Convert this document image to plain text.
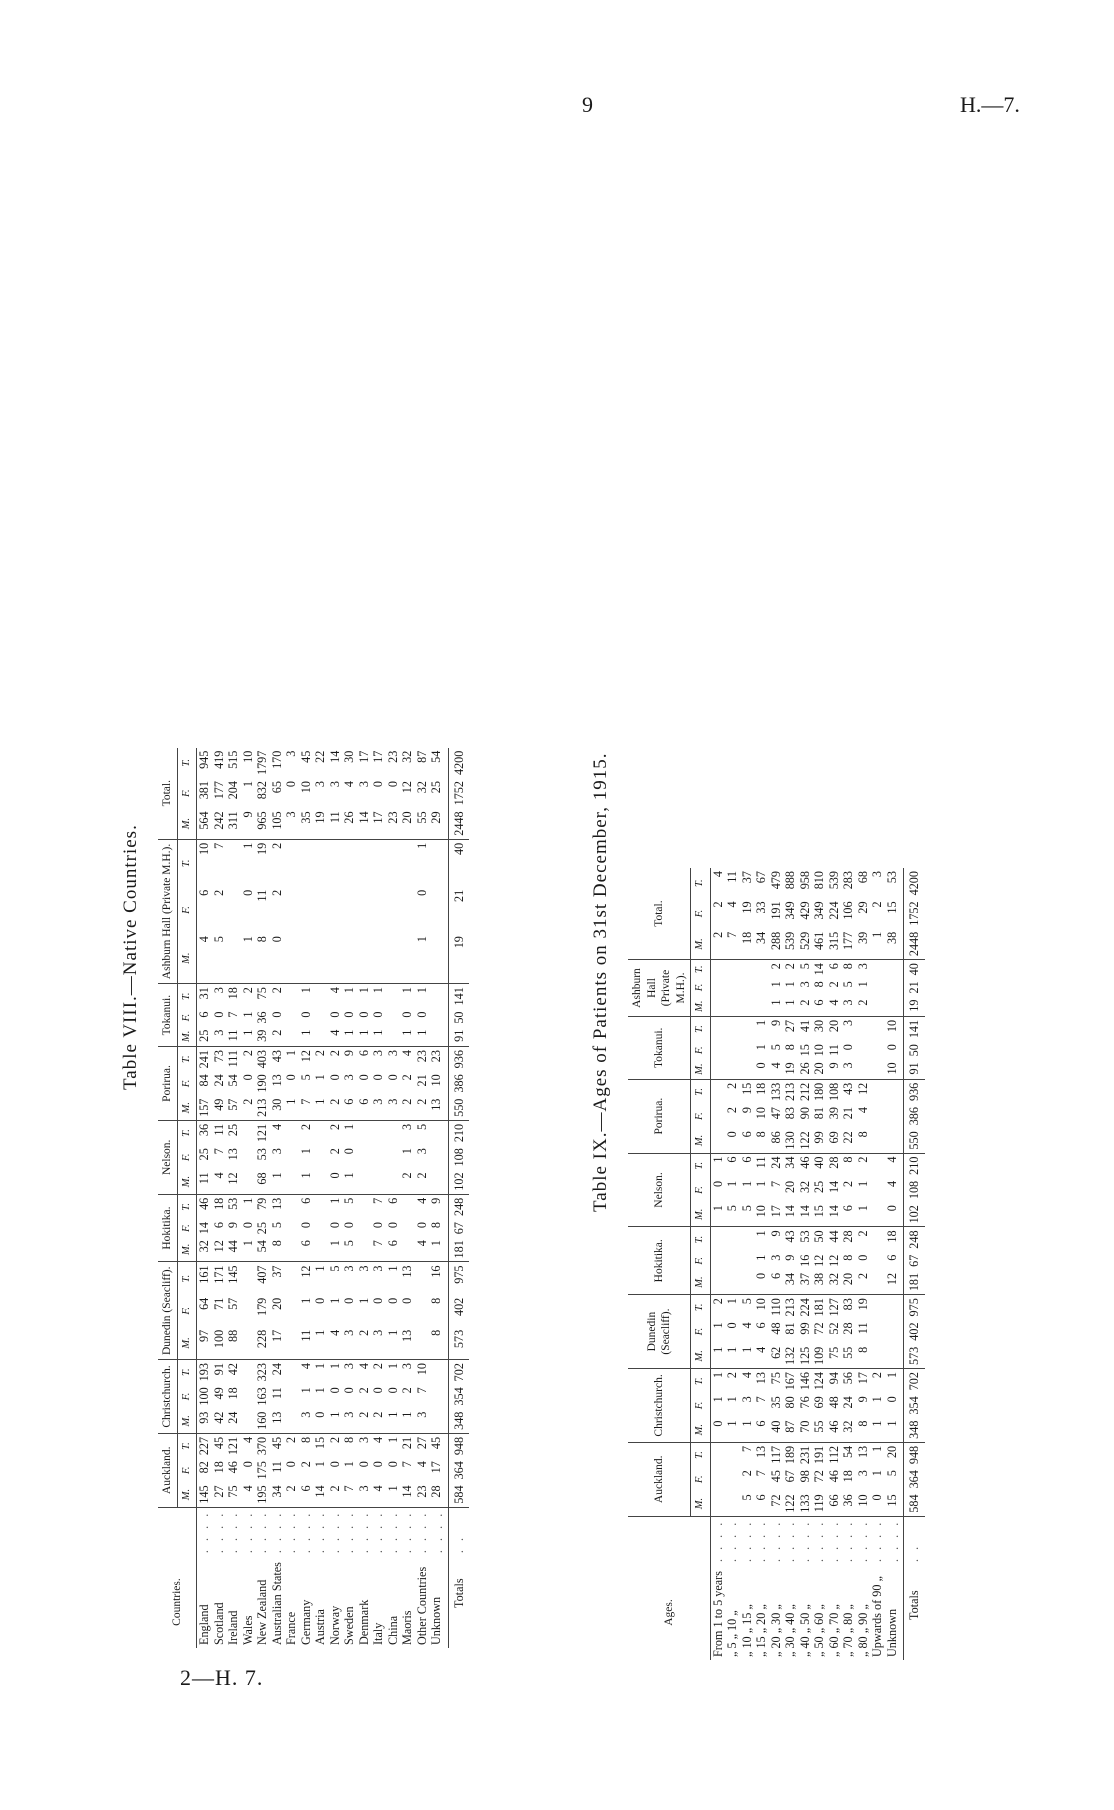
9	H.—7.
Table VIII.—Native Countries.
Countries.		Auckland.			Christchurch.			Dunedin (Seacliff).			Hokitika.			Nelson.			Porirua.			Tokanui.			Ashburn Hall (Private M.H.).			Total.		
		M.	F.	T.	M.	F.	T.	M.	F.	T.	M.	F.	T.	M.	F.	T.	M.	F.	T.	M.	F.	T.	M.	F.	T.	M.	F.	T.
England	. . . .	145	82	227	93	100	193	97	64	161	32	14	46	11	25	36	157	84	241	25	6	31	4	6	10	564	381	945
Scotland	. . . .	27	18	45	42	49	91	100	71	171	12	6	18	4	7	11	49	24	73	3	0	3	5	2	7	242	177	419
Ireland	. . . .	75	46	121	24	18	42	88	57	145	44	9	53	12	13	25	57	54	111	11	7	18				311	204	515
Wales	. . . .	4	0	4							1	0	1				2	0	2	1	1	2	1	0	1	9	1	10
New Zealand	. . . .	195	175	370	160	163	323	228	179	407	54	25	79	68	53	121	213	190	403	39	36	75	8	11	19	965	832	1797
Australian States	. . . .	34	11	45	13	11	24	17	20	37	8	5	13	1	3	4	30	13	43	2	0	2	0	2	2	105	65	170
France	. . . .	2	0	2													1	0	1							3	0	3
Germany	. . . .	6	2	8	3	1	4	11	1	12	6	0	6	1	1	2	7	5	12	1	0	1				35	10	45
Austria	. . . .	14	1	15	0	1	1	1	0	1							1	1	2							19	3	22
Norway	. . . .	2	0	2	1	0	1	4	1	5	1	0	1	0	2	2	2	0	2	4	0	4				11	3	14
Sweden	. . . .	7	1	8	3	0	3	3	0	3	5	0	5	1	0	1	6	3	9	1	0	1				26	4	30
Denmark	. . . .	3	0	3	2	2	4	2	1	3							6	0	6	1	0	1				14	3	17
Italy	. . . .	4	0	4	2	0	2	3	0	3	7	0	7				3	0	3	1	0	1				17	0	17
China	. . . .	1	0	1	1	0	1	1	0	1	6	0	6				3	0	3							23	0	23
Maoris	. . . .	14	7	21	1	2	3	13	0	13				2	1	3	2	2	4	1	0	1				20	12	32
Other Countries	. . . .	23	4	27	3	7	10				4	0	4	2	3	5	2	21	23	1	0	1	1	0	1	55	32	87
Unknown	. . . .	28	17	45				8	8	16	1	8	9				13	10	23							29	25	54
Totals	. .	584	364	948	348	354	702	573	402	975	181	67	248	102	108	210	550	386	936	91	50	141	19	21	40	2448	1752	4200	Table IX.—Ages of Patients on 31st December, 1915.
Ages.		Auckland.			Christchurch.			Dunedin (Seacliff).			Hokitika.			Nelson.			Porirua.			Tokanui.			Ashburn Hall (Private M.H.).			Total.		
		M.	F.	T.	M.	F.	T.	M.	F.	T.	M.	F.	T.	M.	F.	T.	M.	F.	T.	M.	F.	T.	M.	F.	T.	M.	F.	T.
From 1 to 5 years	. . . .				0	1	1	1	1	2				1	0	1										2	2	4
„ 5 „ 10 „	. . . .				1	1	2	1	0	1				5	1	6	0	2	2							7	4	11
„ 10 „ 15 „	. . . .	5	2	7	1	3	4	1	4	5				5	1	6	6	9	15							18	19	37
„ 15 „ 20 „	. . . .	6	7	13	6	7	13	4	6	10	0	1	1	10	1	11	8	10	18	0	1	1				34	33	67
„ 20 „ 30 „	. . . .	72	45	117	40	35	75	62	48	110	6	3	9	17	7	24	86	47	133	4	5	9	1	1	2	288	191	479
„ 30 „ 40 „	. . . .	122	67	189	87	80	167	132	81	213	34	9	43	14	20	34	130	83	213	19	8	27	1	1	2	539	349	888
„ 40 „ 50 „	. . . .	133	98	231	70	76	146	125	99	224	37	16	53	14	32	46	122	90	212	26	15	41	2	3	5	529	429	958
„ 50 „ 60 „	. . . .	119	72	191	55	69	124	109	72	181	38	12	50	15	25	40	99	81	180	20	10	30	6	8	14	461	349	810
„ 60 „ 70 „	. . . .	66	46	112	46	48	94	75	52	127	32	12	44	14	14	28	69	39	108	9	11	20	4	2	6	315	224	539
„ 70 „ 80 „	. . . .	36	18	54	32	24	56	55	28	83	20	8	28	6	2	8	22	21	43	3	0	3	3	5	8	177	106	283
„ 80 „ 90 „	. . . .	10	3	13	8	9	17	8	11	19	2	0	2	1	1	2	8	4	12				2	1	3	39	29	68
Upwards of 90 „	. . . .	0	1	1	1	1	2																			1	2	3
Unknown	. . . .	15	5	20	1	0	1				12	6	18	0	4	4				10	0	10				38	15	53
Totals	. .	584	364	948	348	354	702	573	402	975	181	67	248	102	108	210	550	386	936	91	50	141	19	21	40	2448	1752	4200
2—H. 7.
